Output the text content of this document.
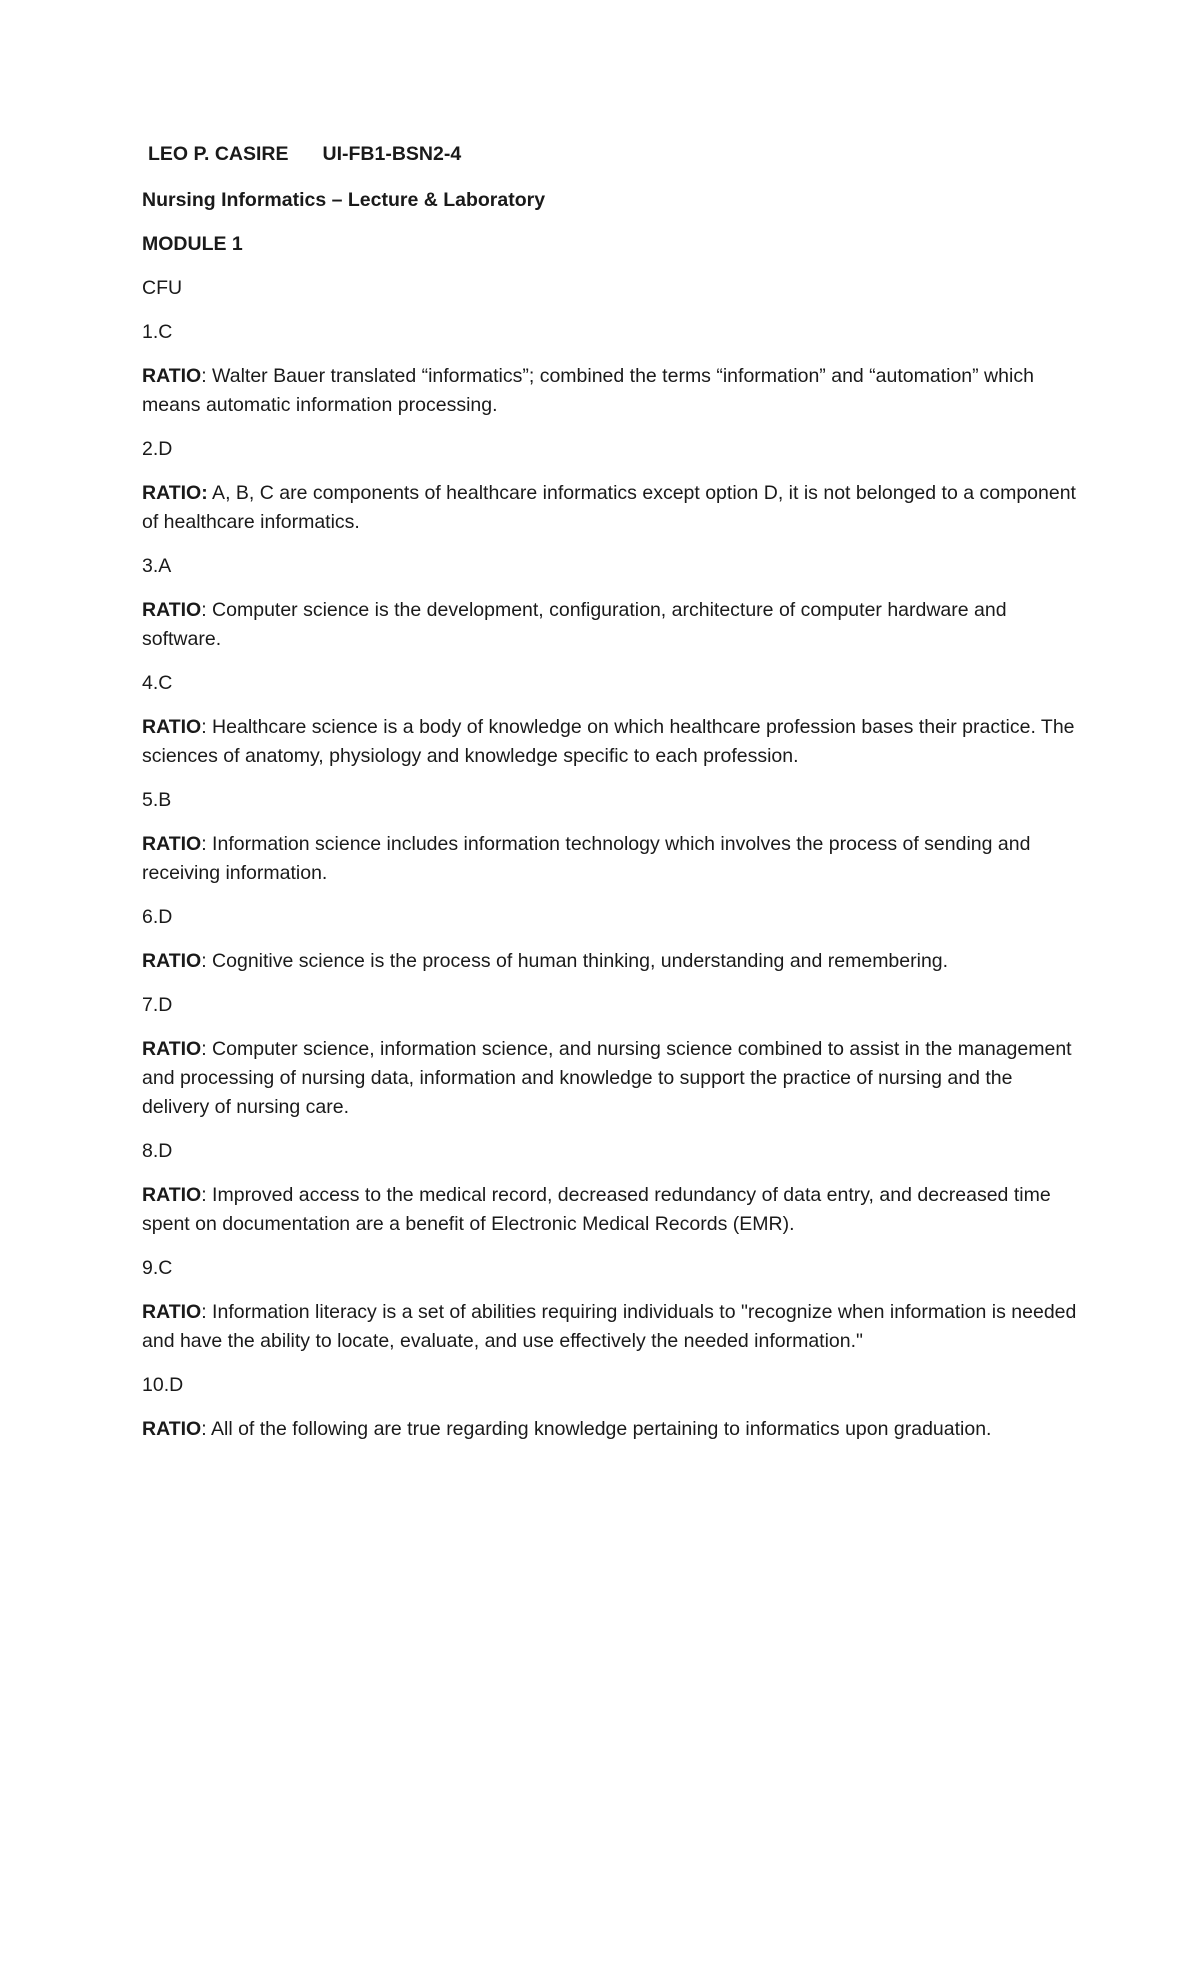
LEO P. CASIRE UI-FB1-BSN2-4
Nursing Informatics – Lecture & Laboratory
MODULE 1
CFU
1.C
RATIO: Walter Bauer translated “informatics”; combined the terms “information” and “automation” which means automatic information processing.
2.D
RATIO: A, B, C are components of healthcare informatics except option D, it is not belonged to a component of healthcare informatics.
3.A
RATIO: Computer science is the development, configuration, architecture of computer hardware and software.
4.C
RATIO: Healthcare science is a body of knowledge on which healthcare profession bases their practice. The sciences of anatomy, physiology and knowledge specific to each profession.
5.B
RATIO: Information science includes information technology which involves the process of sending and receiving information.
6.D
RATIO: Cognitive science is the process of human thinking, understanding and remembering.
7.D
RATIO: Computer science, information science, and nursing science combined to assist in the management and processing of nursing data, information and knowledge to support the practice of nursing and the delivery of nursing care.
8.D
RATIO: Improved access to the medical record, decreased redundancy of data entry, and decreased time spent on documentation are a benefit of Electronic Medical Records (EMR).
9.C
RATIO: Information literacy is a set of abilities requiring individuals to "recognize when information is needed and have the ability to locate, evaluate, and use effectively the needed information."
10.D
RATIO: All of the following are true regarding knowledge pertaining to informatics upon graduation.
